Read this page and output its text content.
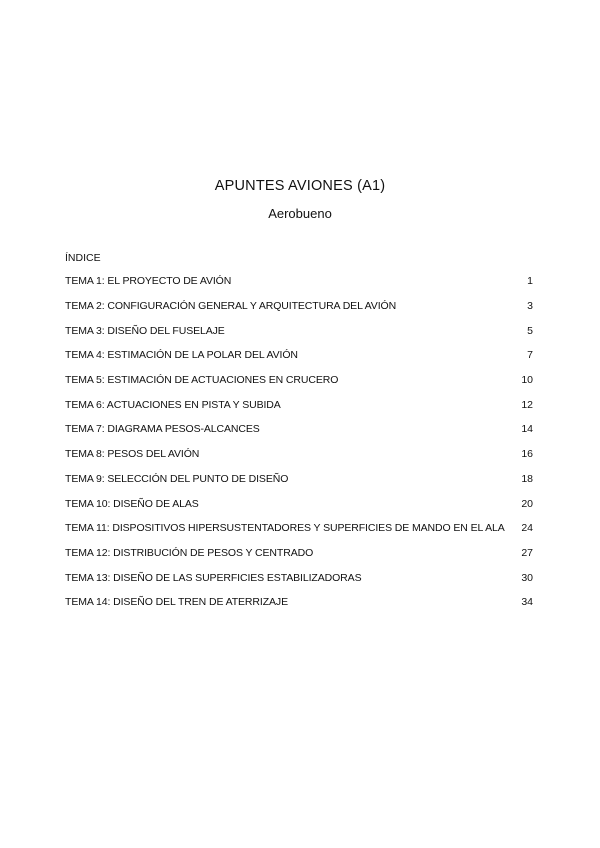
APUNTES AVIONES (A1)
Aerobueno
ÍNDICE
TEMA 1: EL PROYECTO DE AVIÓN	1
TEMA 2: CONFIGURACIÓN GENERAL Y ARQUITECTURA DEL AVIÓN	3
TEMA 3: DISEÑO DEL FUSELAJE	5
TEMA 4: ESTIMACIÓN DE LA POLAR DEL AVIÓN	7
TEMA 5: ESTIMACIÓN DE ACTUACIONES EN CRUCERO	10
TEMA 6: ACTUACIONES EN PISTA Y SUBIDA	12
TEMA 7: DIAGRAMA PESOS-ALCANCES	14
TEMA 8: PESOS DEL AVIÓN	16
TEMA 9: SELECCIÓN DEL PUNTO DE DISEÑO	18
TEMA 10: DISEÑO DE ALAS	20
TEMA 11: DISPOSITIVOS HIPERSUSTENTADORES Y SUPERFICIES DE MANDO EN EL ALA	24
TEMA 12: DISTRIBUCIÓN DE PESOS Y CENTRADO	27
TEMA 13: DISEÑO DE LAS SUPERFICIES ESTABILIZADORAS	30
TEMA 14: DISEÑO DEL TREN DE ATERRIZAJE	34
